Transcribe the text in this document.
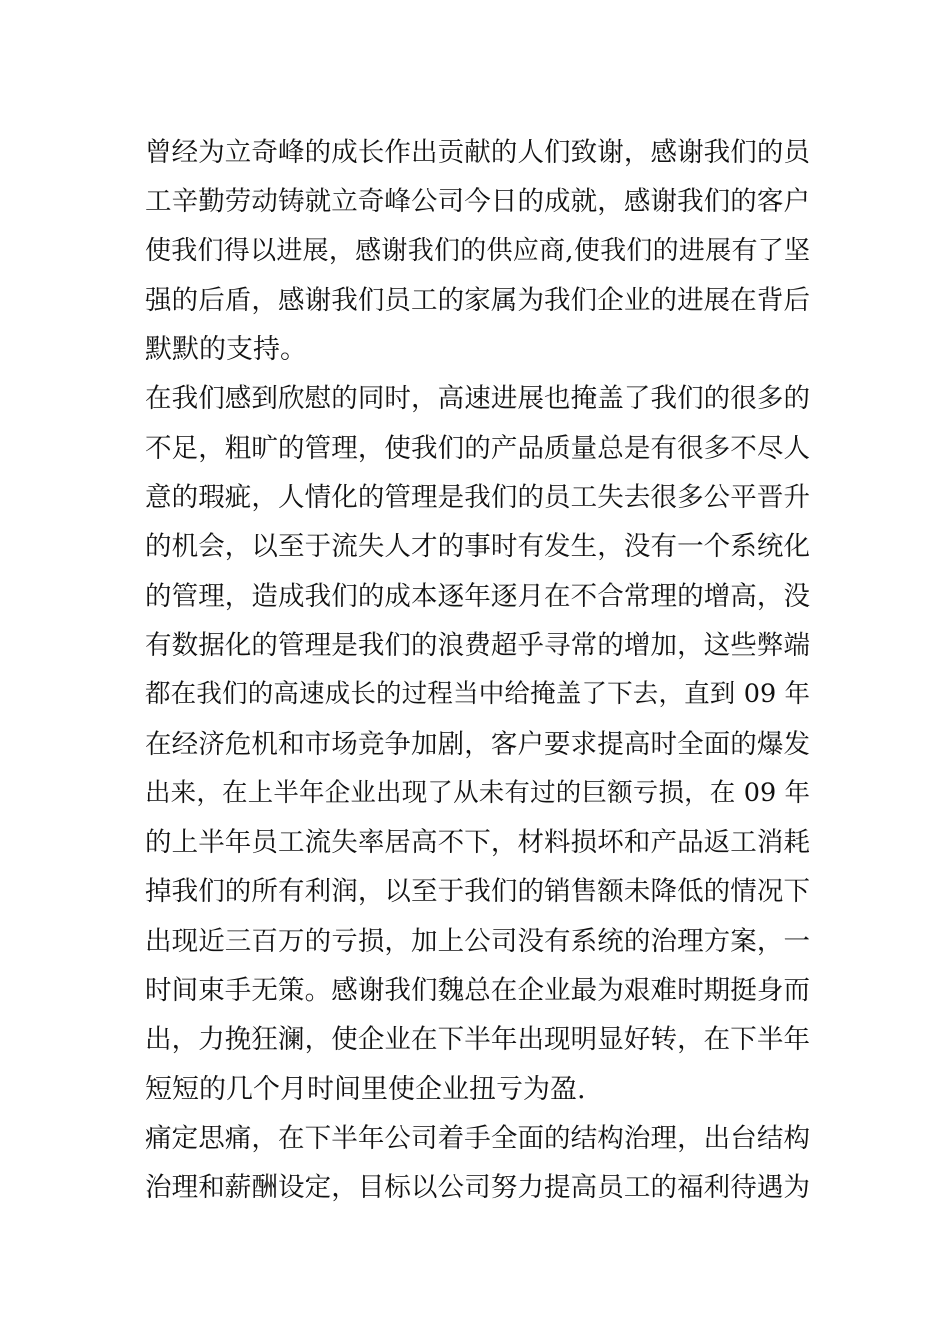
曾经为立奇峰的成长作出贡献的人们致谢，感谢我们的员
工辛勤劳动铸就立奇峰公司今日的成就，感谢我们的客户
使我们得以进展，感谢我们的供应商,使我们的进展有了坚
强的后盾，感谢我们员工的家属为我们企业的进展在背后
默默的支持。
在我们感到欣慰的同时，高速进展也掩盖了我们的很多的
不足，粗旷的管理，使我们的产品质量总是有很多不尽人
意的瑕疵，人情化的管理是我们的员工失去很多公平晋升
的机会，以至于流失人才的事时有发生，没有一个系统化
的管理，造成我们的成本逐年逐月在不合常理的增高，没
有数据化的管理是我们的浪费超乎寻常的增加，这些弊端
都在我们的高速成长的过程当中给掩盖了下去，直到 09 年
在经济危机和市场竞争加剧，客户要求提高时全面的爆发
出来，在上半年企业出现了从未有过的巨额亏损，在 09 年
的上半年员工流失率居高不下，材料损坏和产品返工消耗
掉我们的所有利润，以至于我们的销售额未降低的情况下
出现近三百万的亏损，加上公司没有系统的治理方案，一
时间束手无策。感谢我们魏总在企业最为艰难时期挺身而
出，力挽狂澜，使企业在下半年出现明显好转，在下半年
短短的几个月时间里使企业扭亏为盈.
痛定思痛，在下半年公司着手全面的结构治理，出台结构
治理和薪酬设定，目标以公司努力提高员工的福利待遇为
